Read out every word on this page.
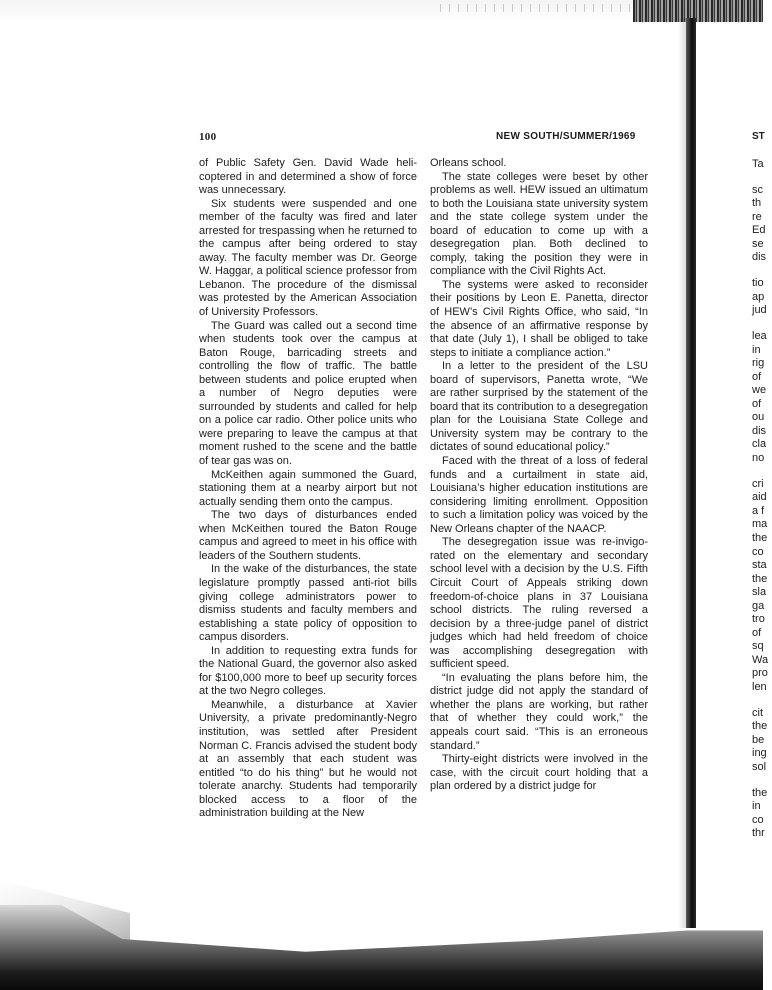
100	NEW SOUTH/SUMMER/1969

of Public Safety Gen. David Wade helicoptered in and determined a show of force was unnecessary.

Six students were suspended and one member of the faculty was fired and later arrested for trespassing when he returned to the campus after being ordered to stay away. The faculty member was Dr. George W. Haggar, a political science professor from Lebanon. The procedure of the dismissal was protested by the American Association of University Professors.

The Guard was called out a second time when students took over the campus at Baton Rouge, barricading streets and controlling the flow of traffic. The battle between students and police erupted when a number of Negro deputies were surrounded by students and called for help on a police car radio. Other police units who were preparing to leave the campus at that moment rushed to the scene and the battle of tear gas was on.

McKeithen again summoned the Guard, stationing them at a nearby airport but not actually sending them onto the campus.

The two days of disturbances ended when McKeithen toured the Baton Rouge campus and agreed to meet in his office with leaders of the Southern students.

In the wake of the disturbances, the state legislature promptly passed anti-riot bills giving college administrators power to dismiss students and faculty members and establishing a state policy of opposition to campus disorders.

In addition to requesting extra funds for the National Guard, the governor also asked for $100,000 more to beef up security forces at the two Negro colleges.

Meanwhile, a disturbance at Xavier University, a private predominantly-Negro institution, was settled after President Norman C. Francis advised the student body at an assembly that each student was entitled “to do his thing” but he would not tolerate anarchy. Students had temporarily blocked access to a floor of the administration building at the New

Orleans school.

The state colleges were beset by other problems as well. HEW issued an ultimatum to both the Louisiana state university system and the state college system under the board of education to come up with a desegregation plan. Both declined to comply, taking the position they were in compliance with the Civil Rights Act.

The systems were asked to reconsider their positions by Leon E. Panetta, director of HEW’s Civil Rights Office, who said, “In the absence of an affirmative response by that date (July 1), I shall be obliged to take steps to initiate a compliance action.”

In a letter to the president of the LSU board of supervisors, Panetta wrote, “We are rather surprised by the statement of the board that its contribution to a desegregation plan for the Louisiana State College and University system may be contrary to the dictates of sound educational policy.”

Faced with the threat of a loss of federal funds and a curtailment in state aid, Louisiana’s higher education institutions are considering limiting enrollment. Opposition to such a limitation policy was voiced by the New Orleans chapter of the NAACP.

The desegregation issue was re-invigorated on the elementary and secondary school level with a decision by the U.S. Fifth Circuit Court of Appeals striking down freedom-of-choice plans in 37 Louisiana school districts. The ruling reversed a decision by a three-judge panel of district judges which had held freedom of choice was accomplishing desegregation with sufficient speed.

“In evaluating the plans before him, the district judge did not apply the standard of whether the plans are working, but rather that of whether they could work,” the appeals court said. “This is an erroneous standard.”

Thirty-eight districts were involved in the case, with the circuit court holding that a plan ordered by a district judge for

ST
Ta
sc
th
re
Ed
se
dis
tio
ap
jud
lea
in
rig
of
we
of
ou
dis
cla
no
cri
aid
a f
ma
the
co
sta
the
sla
ga
tro
of
sq
Wa
pro
len
cit
the
be
ing
sol
the
in
co
thr
